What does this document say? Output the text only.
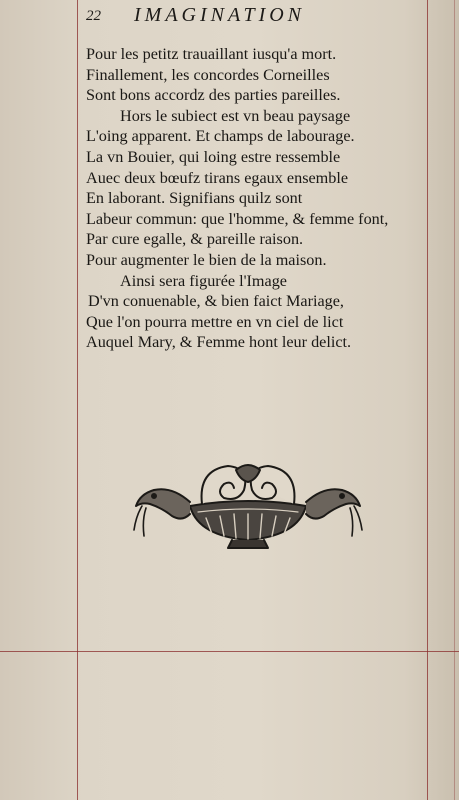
22 IMAGINATION
Pour les petitz trauaillant iusqu'a mort.
Finallement, les concordes Corneilles
Sont bons accordz des parties pareilles.
Hors le subiect est vn beau paysage
L'oing apparent. Et champs de labourage.
La vn Bouier, qui loing estre ressemble
Auec deux bœufz tirans egaux ensemble
En laborant. Signifians quilz sont
Labeur commun: que l'homme, & femme font,
Par cure egalle, & pareille raison.
Pour augmenter le bien de la maison.
Ainsi sera figurée l'Image
D'vn conuenable, & bien faict Mariage,
Que l'on pourra mettre en vn ciel de lict
Auquel Mary, & Femme hont leur delict.
